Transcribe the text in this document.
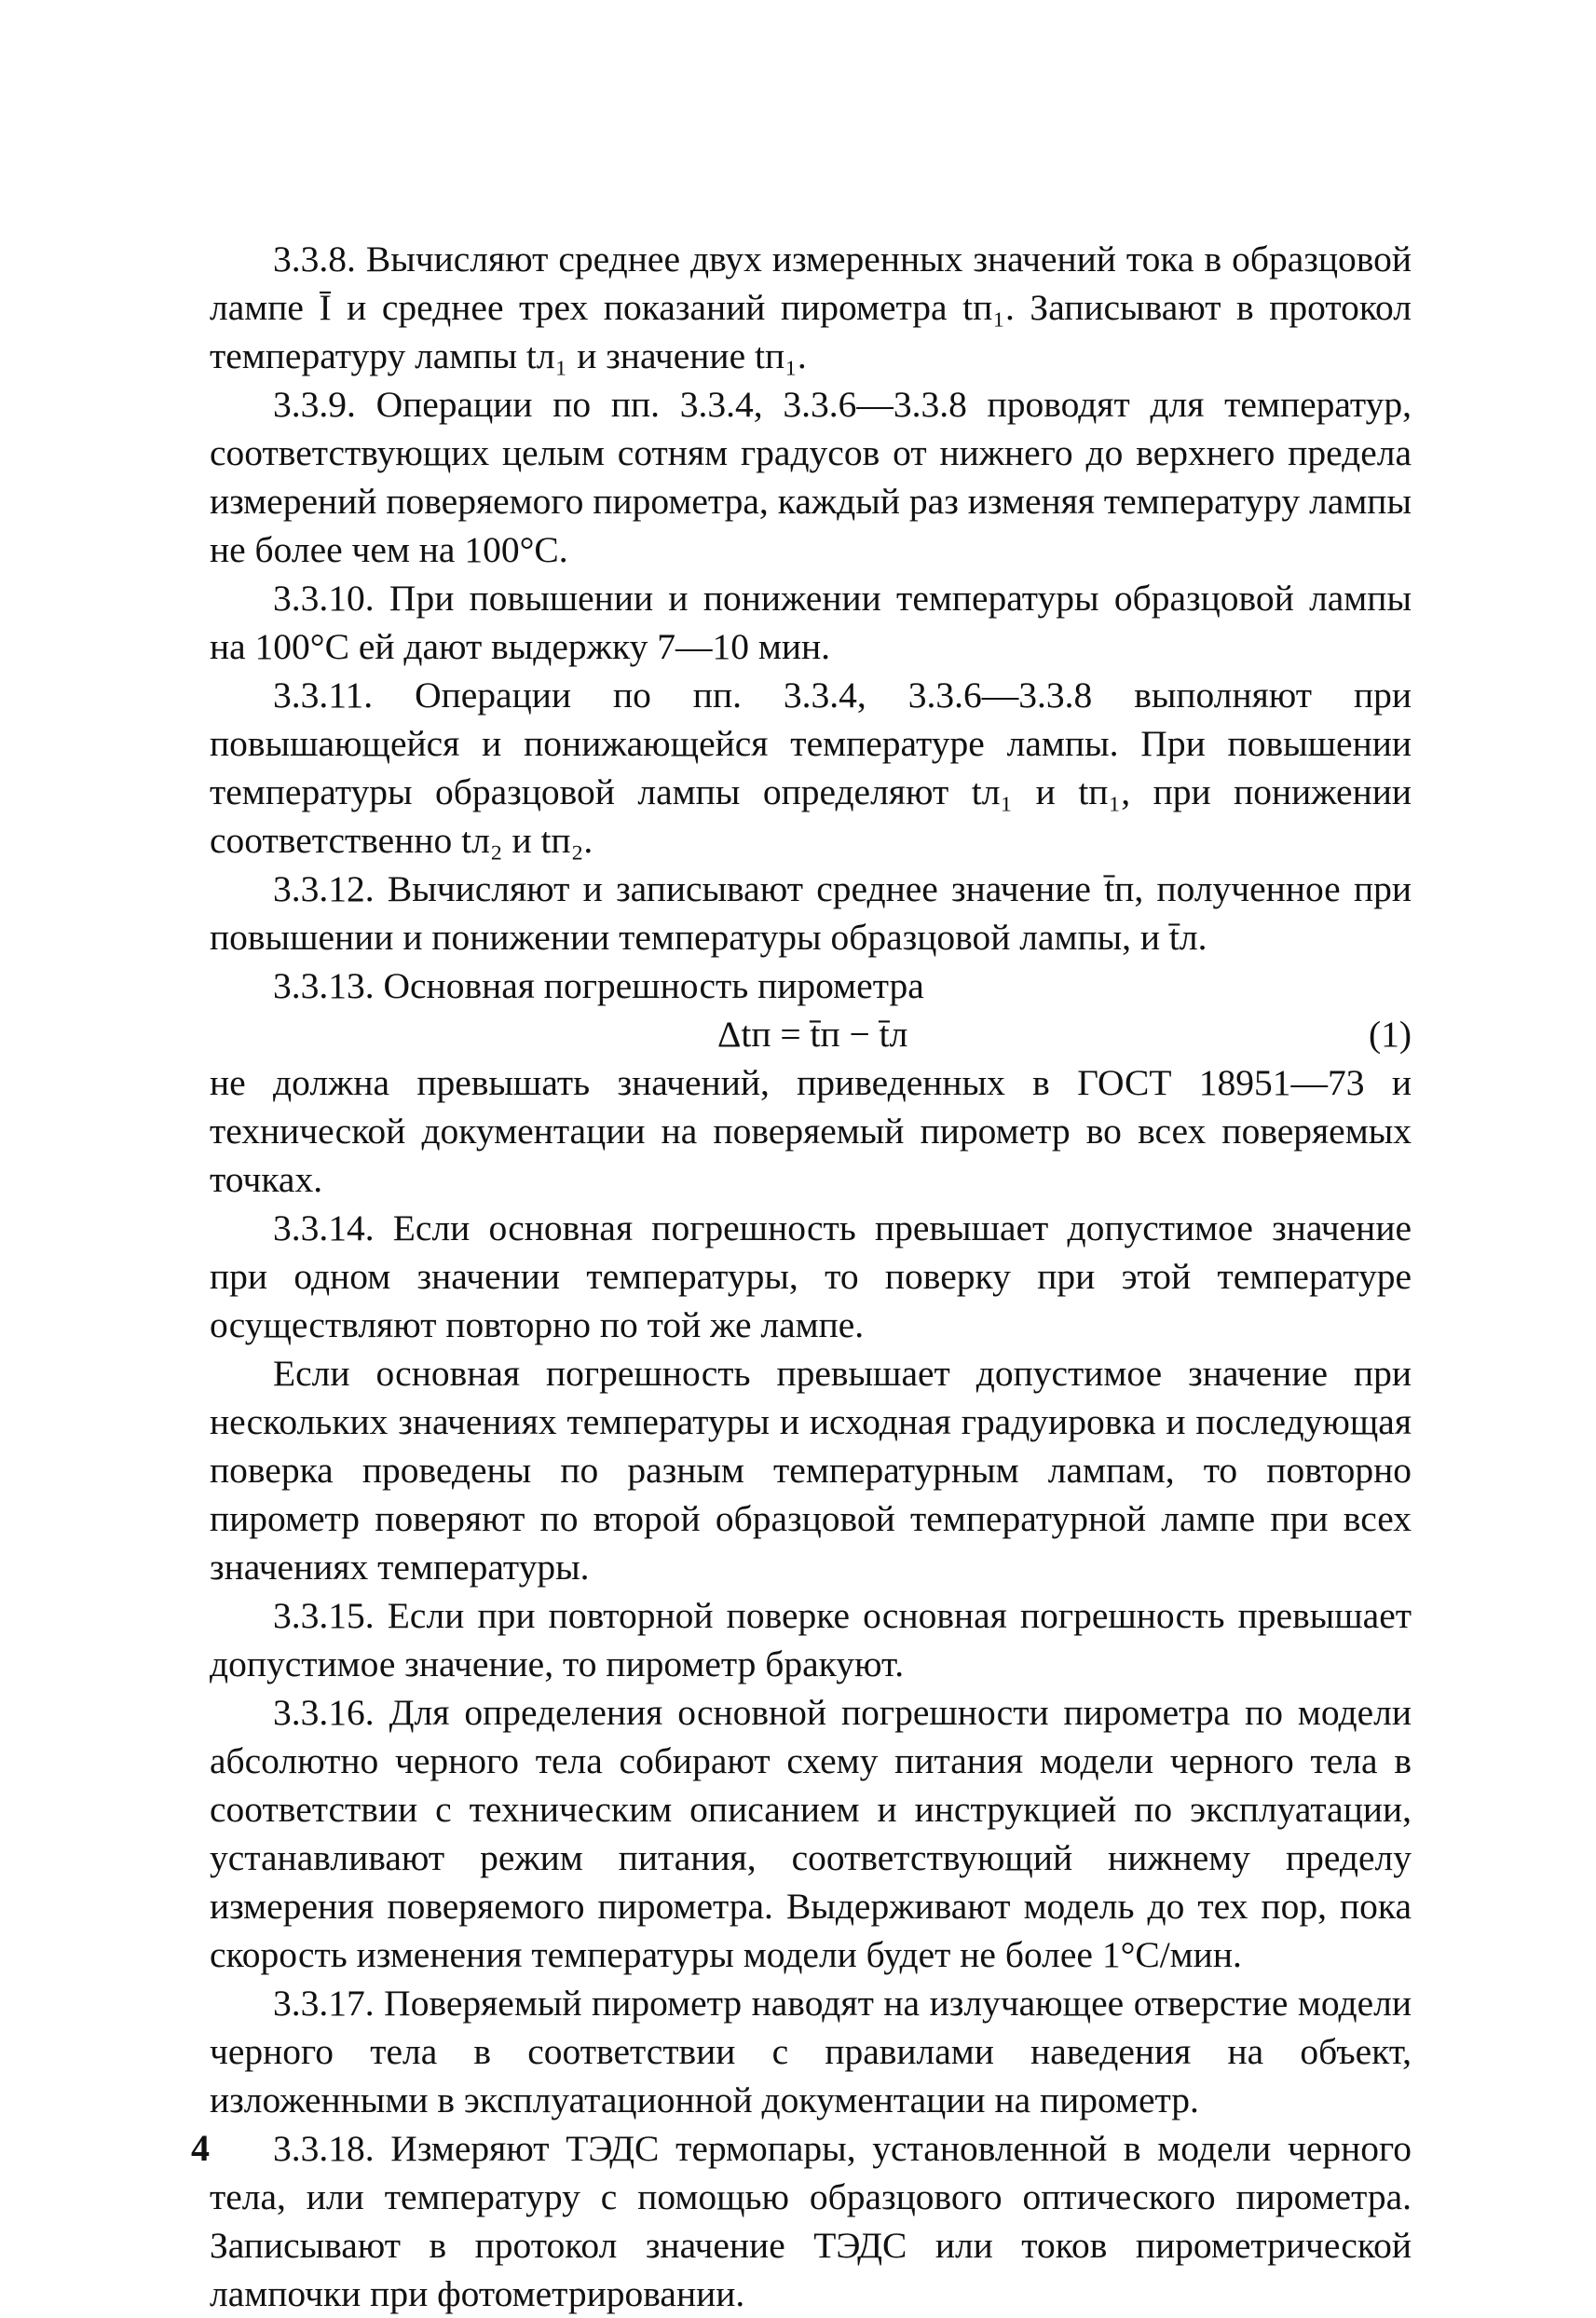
3.3.8. Вычисляют среднее двух измеренных значений тока в образцовой лампе Ī и среднее трех показаний пирометра tп₁. Записывают в протокол температуру лампы tл₁ и значение tп₁.

3.3.9. Операции по пп. 3.3.4, 3.3.6—3.3.8 проводят для температур, соответствующих целым сотням градусов от нижнего до верхнего предела измерений поверяемого пирометра, каждый раз изменяя температуру лампы не более чем на 100°С.

3.3.10. При повышении и понижении температуры образцовой лампы на 100°С ей дают выдержку 7—10 мин.

3.3.11. Операции по пп. 3.3.4, 3.3.6—3.3.8 выполняют при повышающейся и понижающейся температуре лампы. При повышении температуры образцовой лампы определяют tл₁ и tп₁, при понижении соответственно tл₂ и tп₂.

3.3.12. Вычисляют и записывают среднее значение t̄п, полученное при повышении и понижении температуры образцовой лампы, и t̄л.

3.3.13. Основная погрешность пирометра

Δtп = t̄п − t̄л	(1)

не должна превышать значений, приведенных в ГОСТ 18951—73 и технической документации на поверяемый пирометр во всех поверяемых точках.

3.3.14. Если основная погрешность превышает допустимое значение при одном значении температуры, то поверку при этой температуре осуществляют повторно по той же лампе.

Если основная погрешность превышает допустимое значение при нескольких значениях температуры и исходная градуировка и последующая поверка проведены по разным температурным лампам, то повторно пирометр поверяют по второй образцовой температурной лампе при всех значениях температуры.

3.3.15. Если при повторной поверке основная погрешность превышает допустимое значение, то пирометр бракуют.

3.3.16. Для определения основной погрешности пирометра по модели абсолютно черного тела собирают схему питания модели черного тела в соответствии с техническим описанием и инструкцией по эксплуатации, устанавливают режим питания, соответствующий нижнему пределу измерения поверяемого пирометра. Выдерживают модель до тех пор, пока скорость изменения температуры модели будет не более 1°С/мин.

3.3.17. Поверяемый пирометр наводят на излучающее отверстие модели черного тела в соответствии с правилами наведения на объект, изложенными в эксплуатационной документации на пирометр.

3.3.18. Измеряют ТЭДС термопары, установленной в модели черного тела, или температуру с помощью образцового оптического пирометра. Записывают в протокол значение ТЭДС или токов пирометрической лампочки при фотометрировании.

4
